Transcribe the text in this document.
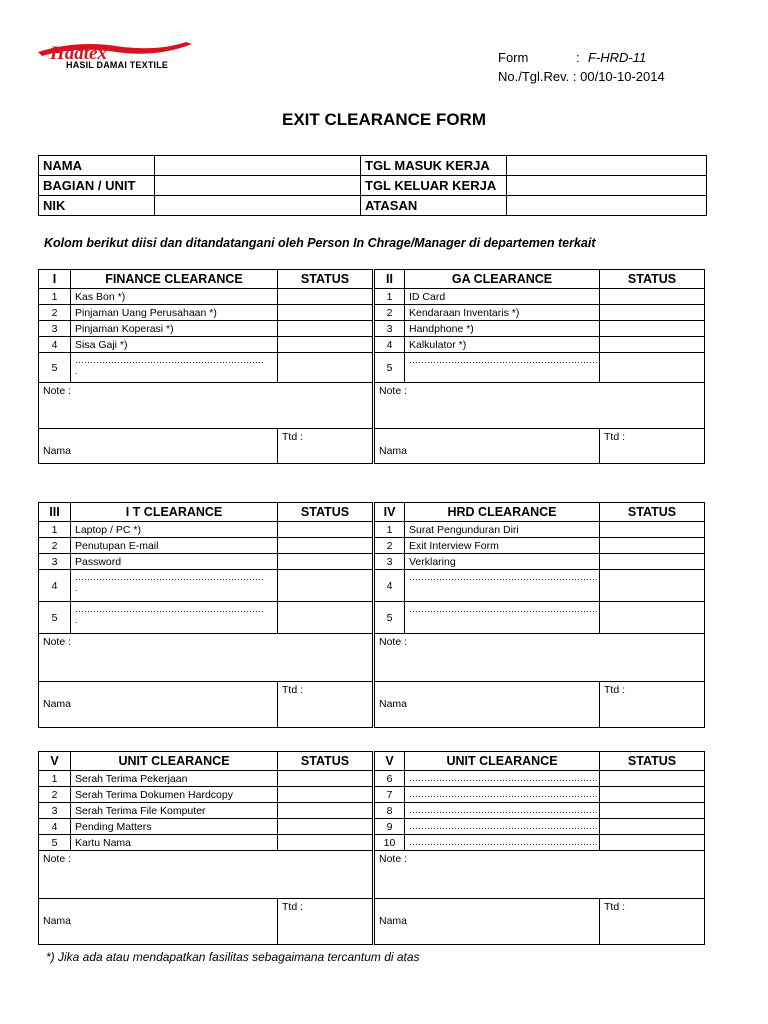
Hadtex
HASIL DAMAI TEXTILE	Form	: F-HRD-11
No./Tgl.Rev. : 00/10-10-2014
EXIT CLEARANCE FORM
NAMA		TGL MASUK KERJA	
BAGIAN / UNIT		TGL KELUAR KERJA	
NIK		ATASAN	
Kolom berikut diisi dan ditandatangani oleh Person In Chrage/Manager di departemen terkait
I	FINANCE CLEARANCE	STATUS
1	Kas Bon *)	
2	Pinjaman Uang Perusahaan *)	
3	Pinjaman Koperasi *)	
4	Sisa Gaji *)	
5	………………………………………………………
.	
Note :		

Nama		Ttd :
II	GA CLEARANCE	STATUS
1	ID Card	
2	Kendaraan Inventaris *)	
3	Handphone *)	
4	Kalkulator *)	
5	………………………………………………………	
Note :		

Nama		Ttd :
III	I T CLEARANCE	STATUS
1	Laptop / PC *)	
2	Penutupan E-mail	
3	Password	
4	………………………………………………………
.	
5	………………………………………………………
.	
Note :		

Nama		Ttd :
IV	HRD CLEARANCE	STATUS
1	Surat Pengunduran Diri	
2	Exit Interview Form	
3	Verklaring	
4	………………………………………………………	
5	………………………………………………………	
Note :		

Nama		Ttd :
V	UNIT CLEARANCE	STATUS
1	Serah Terima Pekerjaan	
2	Serah Terima Dokumen Hardcopy	
3	Serah Terima File Komputer	
4	Pending Matters	
5	Kartu Nama	
Note :		

Nama		Ttd :
V	UNIT CLEARANCE	STATUS
6	………………………………………………………	
7	………………………………………………………	
8	………………………………………………………	
9	………………………………………………………	
10	………………………………………………………	
Note :		

Nama		Ttd :
*) Jika ada atau mendapatkan fasilitas sebagaimana tercantum di atas
